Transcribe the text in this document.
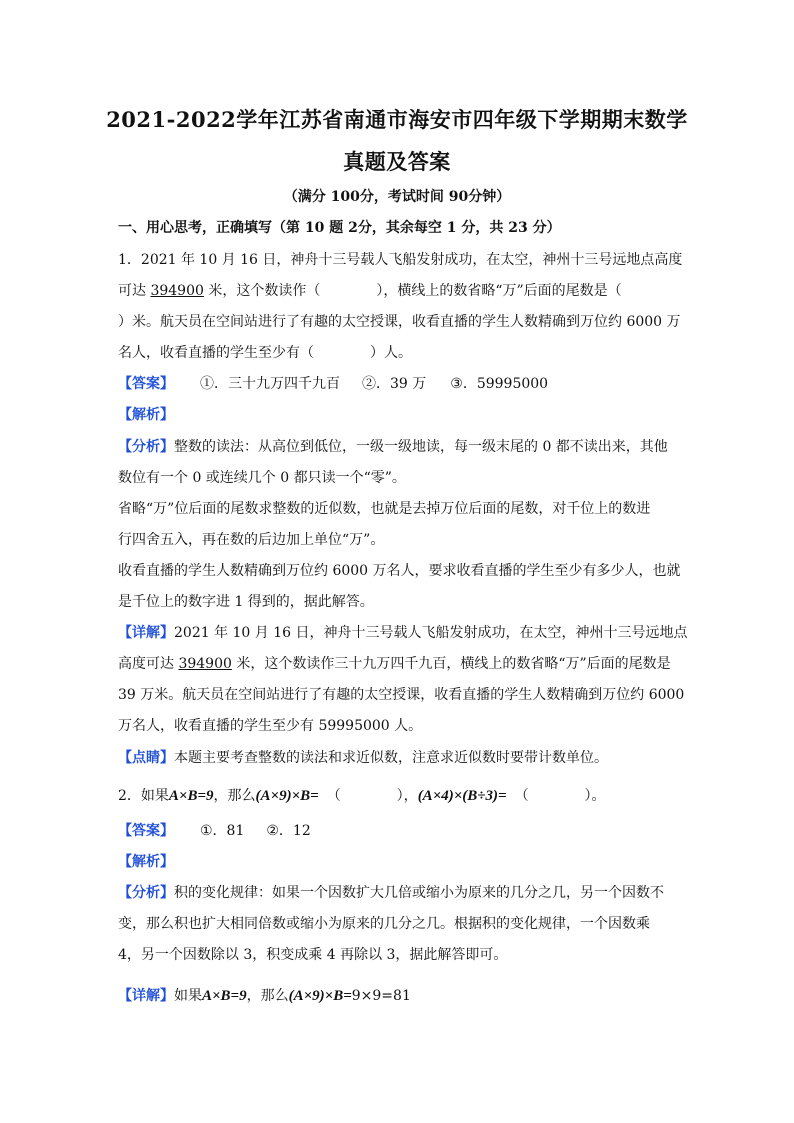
2021-2022学年江苏省南通市海安市四年级下学期期末数学
真题及答案
（满分 100分，考试时间 90分钟）
一、用心思考，正确填写（第 10 题 2分，其余每空 1 分，共 23 分）
1．2021 年 10 月 16 日，神舟十三号载人飞船发射成功，在太空，神州十三号远地点高度
可达 394900 米，这个数读作（　　　　），横线上的数省略“万”后面的尾数是（
）米。航天员在空间站进行了有趣的太空授课，收看直播的学生人数精确到万位约 6000 万
名人，收看直播的学生至少有（　　　　）人。
【答案】 ①．三十九万四千九百 ②．39 万 ③．59995000
【解析】
【分析】整数的读法：从高位到低位，一级一级地读，每一级末尾的 0 都不读出来，其他
数位有一个 0 或连续几个 0 都只读一个“零”。
省略“万”位后面的尾数求整数的近似数，也就是去掉万位后面的尾数，对千位上的数进
行四舍五入，再在数的后边加上单位“万”。
收看直播的学生人数精确到万位约 6000 万名人，要求收看直播的学生至少有多少人，也就
是千位上的数字进 1 得到的，据此解答。
【详解】2021 年 10 月 16 日，神舟十三号载人飞船发射成功，在太空，神州十三号远地点
高度可达 394900 米，这个数读作三十九万四千九百，横线上的数省略“万”后面的尾数是
39 万米。航天员在空间站进行了有趣的太空授课，收看直播的学生人数精确到万位约 6000
万名人，收看直播的学生至少有 59995000 人。
【点睛】本题主要考查整数的读法和求近似数，注意求近似数时要带计数单位。
2．如果A×B=9，那么(A×9)×B= （　　　　），(A×4)×(B÷3)= （　　　　）。
【答案】 ①．81 ②．12
【解析】
【分析】积的变化规律：如果一个因数扩大几倍或缩小为原来的几分之几，另一个因数不
变，那么积也扩大相同倍数或缩小为原来的几分之几。根据积的变化规律，一个因数乘
4，另一个因数除以 3，积变成乘 4 再除以 3，据此解答即可。
【详解】如果A×B=9，那么(A×9)×B=9×9=81
